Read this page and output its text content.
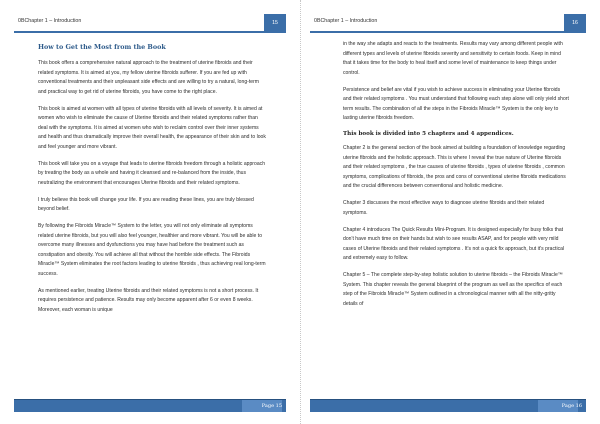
0BChapter 1 – Introduction	15
How to Get the Most from the Book

This book offers a comprehensive natural approach to the treatment of uterine fibroids and their related symptoms. It is aimed at you, my fellow uterine fibroids sufferer. If you are fed up with conventional treatments and their unpleasant side effects and are willing to try a natural, long-term and practical way to get rid of uterine fibroids, you have come to the right place.

This book is aimed at women with all types of uterine fibroids with all levels of severity. It is aimed at women who wish to eliminate the cause of Uterine fibroids and their related symptoms rather than deal with the symptoms. It is aimed at women who wish to reclaim control over their inner systems and health and thus dramatically improve their overall health, the appearance of their skin and to look and feel younger and more vibrant.

This book will take you on a voyage that leads to uterine fibroids freedom through a holistic approach by treating the body as a whole and having it cleansed and re-balanced from the inside, thus neutralizing the environment that encourages Uterine fibroids and their related symptoms.

I truly believe this book will change your life. If you are reading these lines, you are truly blessed beyond belief.

By following the Fibroids Miracle™ System to the letter, you will not only eliminate all symptoms related uterine fibroids, but you will also feel younger, healthier and more vibrant. You will be able to overcome many illnesses and dysfunctions you may have had before the treatment such as constipation and obesity. You will achieve all that without the horrible side effects. The Fibroids Miracle™ System eliminates the root factors leading to uterine fibroids , thus achieving real long-term success.

As mentioned earlier, treating Uterine fibroids and their related symptoms is not a short process. It requires persistence and patience. Results may only become apparent after 6 or even 8 weeks. Moreover, each woman is unique

Page 15
0BChapter 1 – Introduction	16

in the way she adapts and reacts to the treatments. Results may vary among different people with different types and levels of uterine fibroids severity and sensitivity to certain foods. Keep in mind that it takes time for the body to heal itself and some level of maintenance to keep things under control.

Persistence and belief are vital if you wish to achieve success in eliminating your Uterine fibroids and their related symptoms . You must understand that following each step alone will only yield short term results. The combination of all the steps in the Fibroids Miracle™ System is the only key to lasting uterine fibroids freedom.

This book is divided into 5 chapters and 4 appendices.

Chapter 2 is the general section of the book aimed at building a foundation of knowledge regarding uterine fibroids and the holistic approach. This is where I reveal the true nature of Uterine fibroids and their related symptoms , the true causes of uterine fibroids , types of uterine fibroids , common symptoms, complications of fibroids, the pros and cons of conventional uterine fibroids medications and the crucial differences between conventional and holistic medicine.

Chapter 3 discusses the most effective ways to diagnose uterine fibroids and their related symptoms.

Chapter 4 introduces The Quick Results Mini-Program. It is designed especially for busy folks that don't have much time on their hands but wish to see results ASAP, and for people with very mild cases of Uterine fibroids and their related symptoms . It's not a quick fix approach, but it's practical and extremely easy to follow.

Chapter 5 – The complete step-by-step holistic solution to uterine fibroids – the Fibroids Miracle™ System. This chapter reveals the general blueprint of the program as well as the specifics of each step of the Fibroids Miracle™ System outlined in a chronological manner with all the nitty-gritty details of

Page 16
